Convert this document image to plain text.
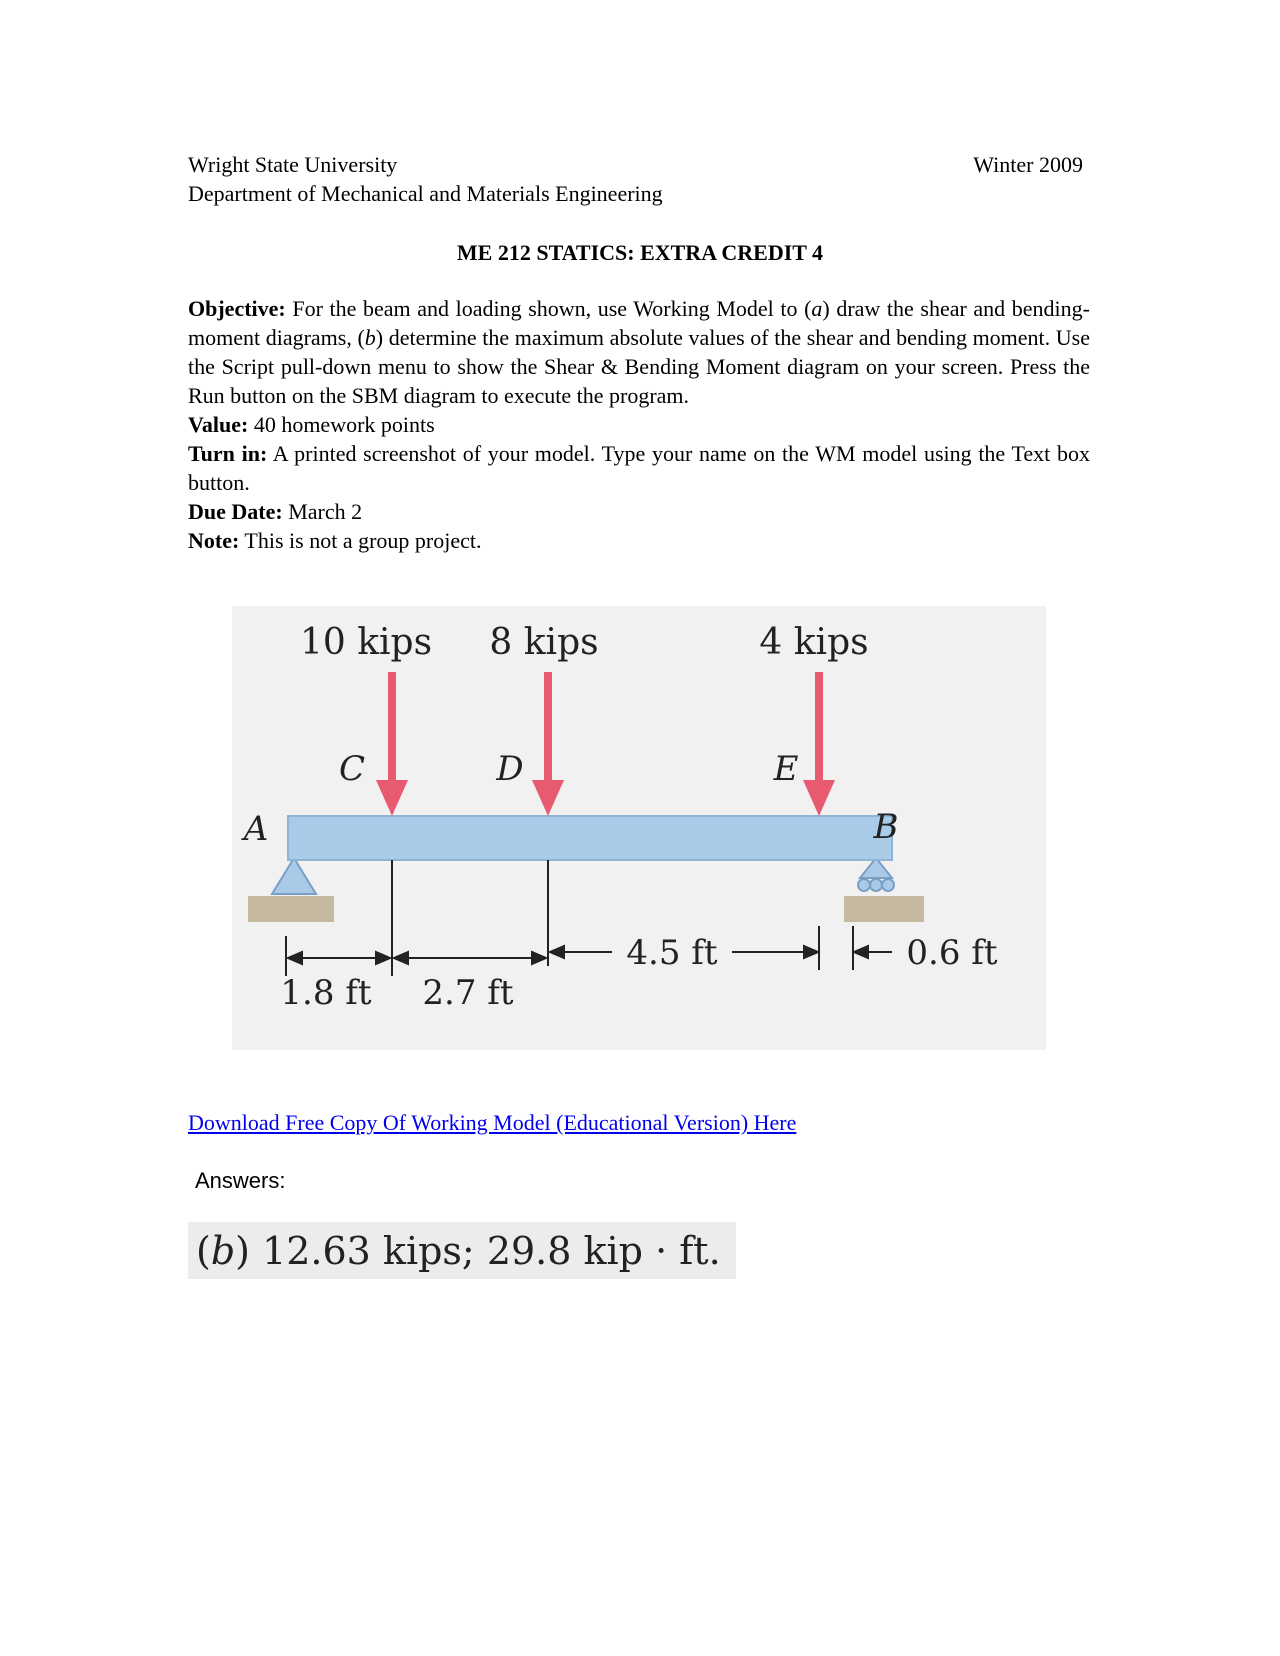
Wright State University
Department of Mechanical and Materials Engineering
Winter 2009
ME 212 STATICS: EXTRA CREDIT 4

Objective: For the beam and loading shown, use Working Model to (a) draw the shear and bending-moment diagrams, (b) determine the maximum absolute values of the shear and bending moment. Use the Script pull-down menu to show the Shear & Bending Moment diagram on your screen. Press the Run button on the SBM diagram to execute the program.

Value: 40 homework points

Turn in: A printed screenshot of your model. Type your name on the WM model using the Text box button.

Due Date: March 2

Note: This is not a group project.

10 kips 8 kips	4 kips
C	D	E
A	B
1.8 ft 2.7 ft
4.5 ft	0.6 ft
Download Free Copy Of Working Model (Educational Version) Here
Answers:
(b) 12.63 kips; 29.8 kip · ft.
